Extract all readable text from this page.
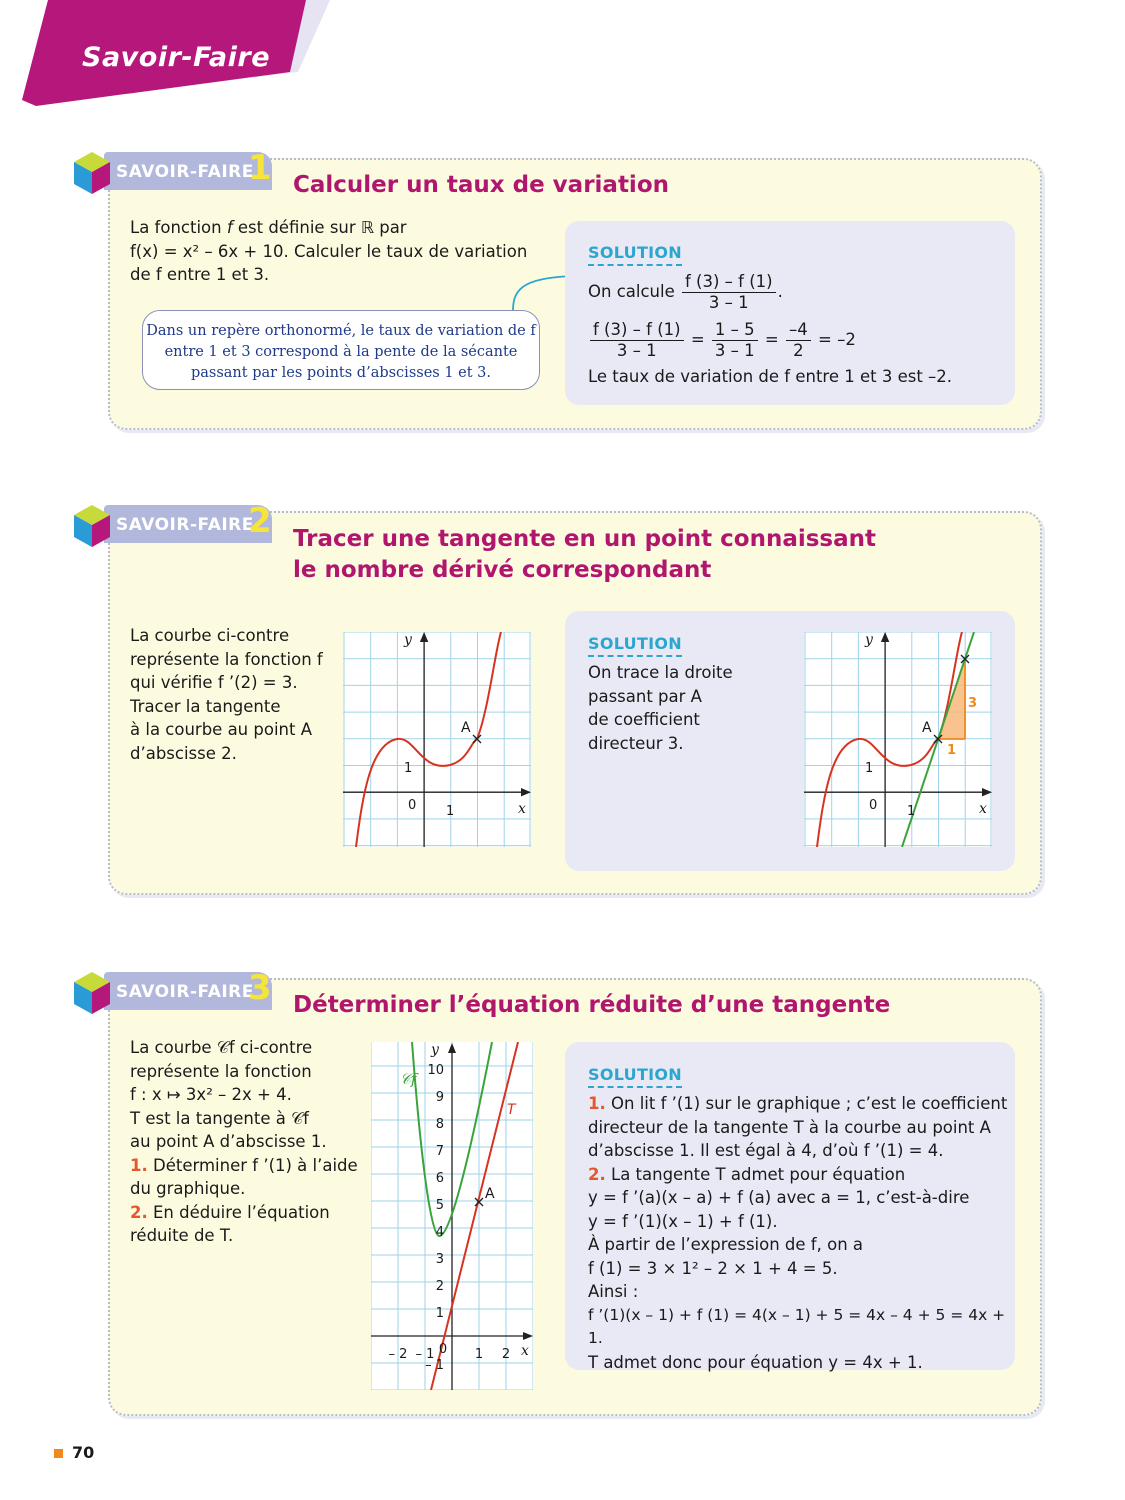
Savoir-Faire
SAVOIR-FAIRE
1 Calculer un taux de variation
La fonction f est définie sur ℝ par
f(x) = x² – 6x + 10. Calculer le taux de variation
de f entre 1 et 3.
Dans un repère orthonormé, le taux de variation de f entre 1 et 3 correspond à la pente de la sécante passant par les points d’abscisses 1 et 3.
SOLUTION
On calcule $\frac{f (3) - f (1)}{3 - 1}$ .
$\frac{f (3) - f (1)}{3 - 1} = \frac{1 - 5}{3 - 1} = \frac{-4}{2} = -2$
Le taux de variation de f entre 1 et 3 est –2.
SAVOIR-FAIRE
2 Tracer une tangente en un point connaissant
le nombre dérivé correspondant
La courbe ci-contre
représente la fonction f
qui vérifie f ’(2) = 3.
Tracer la tangente
à la courbe au point A
d’abscisse 2.
A
y
x
0 1
1
SOLUTION
On trace la droite
passant par A
de coefficient
directeur 3.
A
3
1
y
x
0 1
1
SAVOIR-FAIRE
3 Déterminer l’équation réduite d’une tangente
La courbe 𝒞f ci-contre
représente la fonction
f : x ↦ 3x² – 2x + 4.
T est la tangente à 𝒞f
au point A d’abscisse 1.
1. Déterminer f ’(1) à l’aide
du graphique.
2. En déduire l’équation
réduite de T.
A
T
𝒞f
y
x
10
9
8
7
6
5
4
3
2
1
– 1
– 2 – 1 0 1 2
SOLUTION
1. On lit f ’(1) sur le graphique ; c’est le coefficient
directeur de la tangente T à la courbe au point A
d’abscisse 1. Il est égal à 4, d’où f ’(1) = 4.
2. La tangente T admet pour équation
y = f ’(a)(x – a) + f (a) avec a = 1, c’est-à-dire
y = f ’(1)(x – 1) + f (1).
À partir de l’expression de f, on a
f (1) = 3 × 1² – 2 × 1 + 4 = 5.
Ainsi :
f ’(1)(x – 1) + f (1) = 4(x – 1) + 5 = 4x – 4 + 5 = 4x + 1.
T admet donc pour équation y = 4x + 1.
70
